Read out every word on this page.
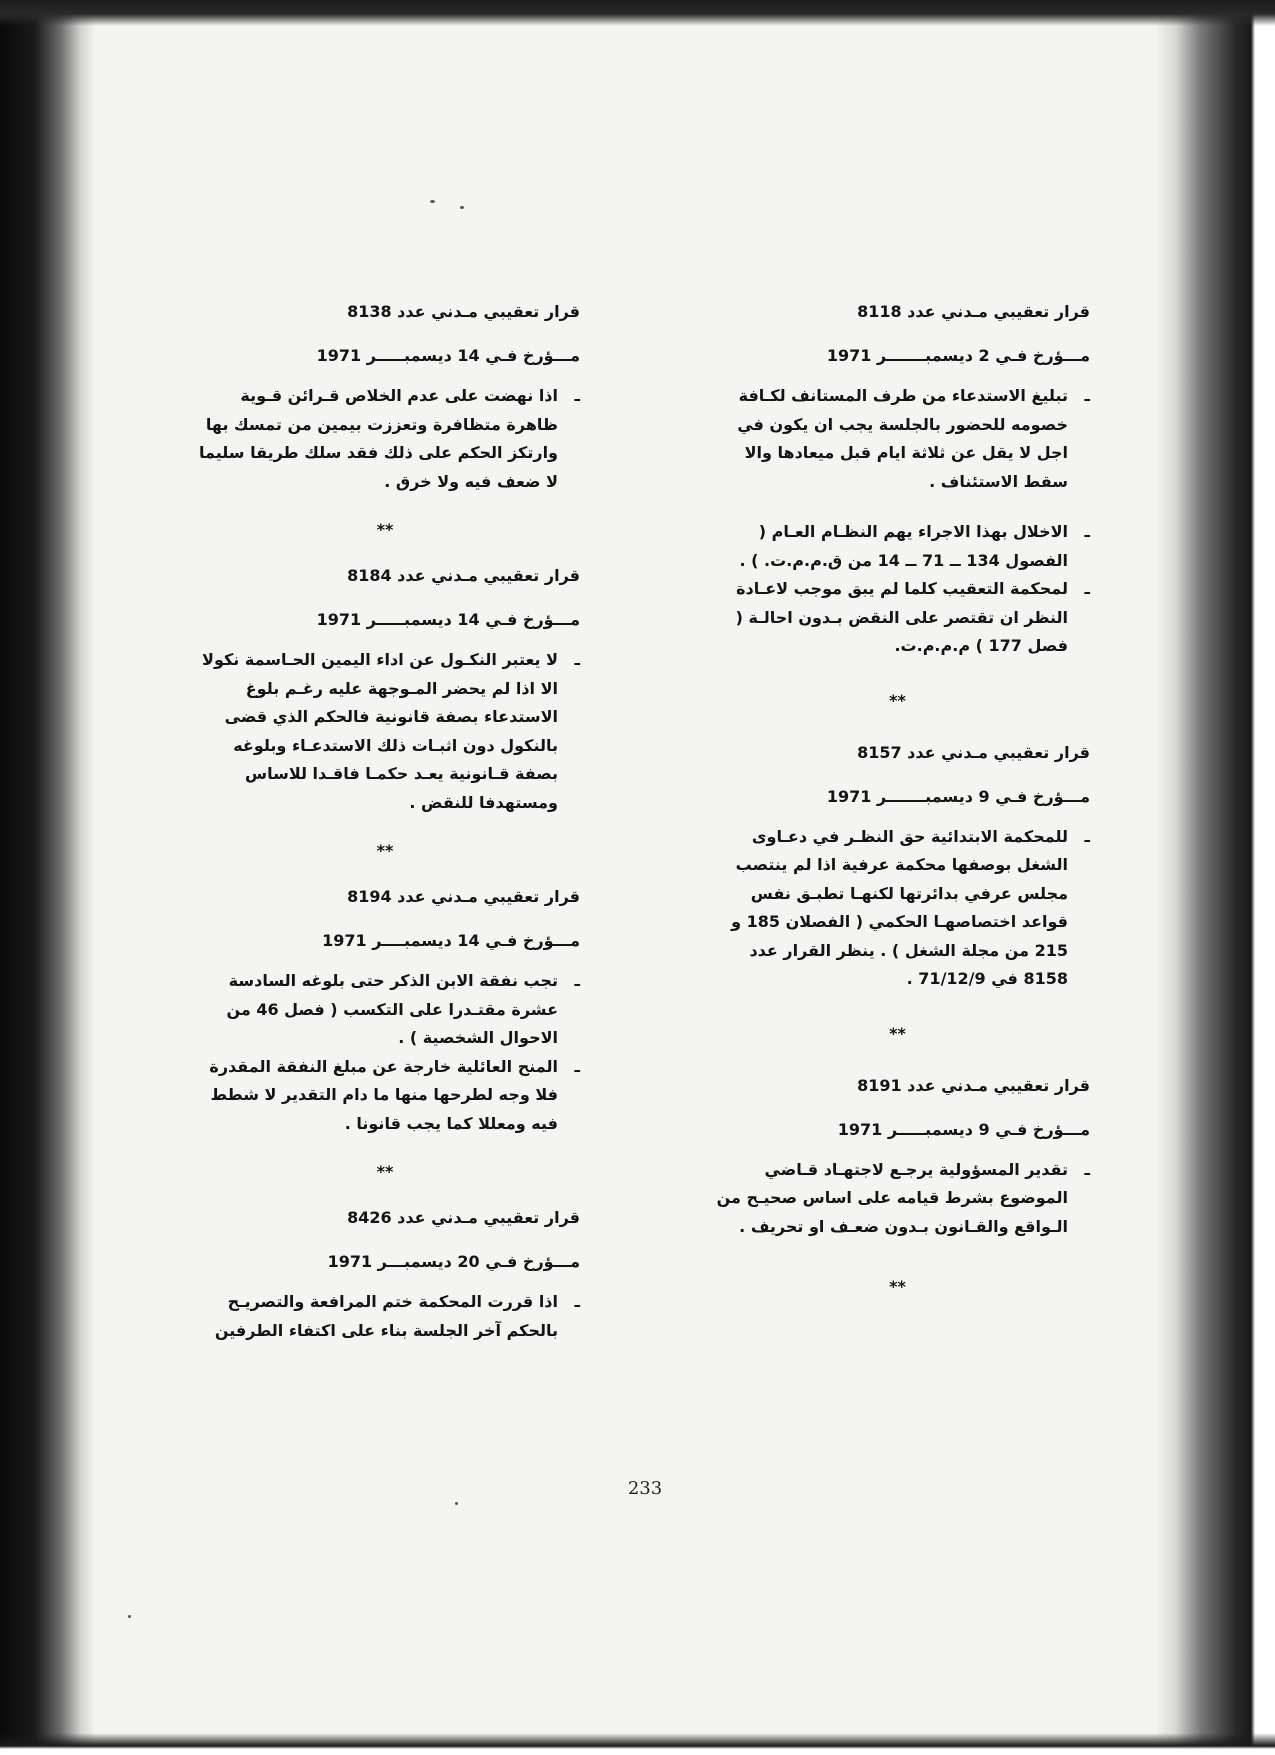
قرار تعقيبي مـدني عدد 8118
مـــؤرخ فـي 2 ديسمبـــــــر 1971
ـ
تبليغ الاستدعاء من طرف المستانف لكـافة خصومه للحضور بالجلسة يجب ان يكون في اجل لا يقل عن ثلاثة ايام قبل ميعادها والا سقط الاستئناف .
ـ
الاخلال بهذا الاجراء يهم النظـام العـام ( الفصول 134 ــ 71 ــ 14 من ق.م.م.ت. ) .
ـ
لمحكمة التعقيب كلما لم يبق موجب لاعـادة النظر ان تقتصر على النقض بـدون احالـة ( فصل 177 ) م.م.م.ت.
**
قرار تعقيبي مـدني عدد 8157
مـــؤرخ فـي 9 ديسمبـــــــر 1971
ـ
للمحكمة الابتدائية حق النظـر في دعـاوى الشغل بوصفها محكمة عرفية اذا لم ينتصب مجلس عرفي بدائرتها لكنهـا تطبـق نفس قواعد اختصاصهـا الحكمي ( الفصلان 185 و 215 من مجلة الشغل ) . ينظر القرار عدد 8158 في 71/12/9 .
**
قرار تعقيبي مـدني عدد 8191
مـــؤرخ فـي 9 ديسمبـــــر 1971
ـ
تقدير المسؤولية يرجـع لاجتهـاد قـاضي الموضوع بشرط قيامه على اساس صحيـح من الـواقع والقـانون بـدون ضعـف او تحريف .
**
قرار تعقيبي مـدني عدد 8138
مـــؤرخ فـي 14 ديسمبـــــر 1971
ـ
اذا نهضت على عدم الخلاص قـرائن قـوية ظاهرة متظافرة وتعززت بيمين من تمسك بها وارتكز الحكم على ذلك فقد سلك طريقا سليما لا ضعف فيه ولا خرق .
**
قرار تعقيبي مـدني عدد 8184
مـــؤرخ فـي 14 ديسمبـــــر 1971
ـ
لا يعتبر النكـول عن اداء اليمين الحـاسمة نكولا الا اذا لم يحضر المـوجهة عليه رغـم بلوغ الاستدعاء بصفة قانونية فالحكم الذي قضى بالنكول دون اثبـات ذلك الاستدعـاء وبلوغه بصفة قـانونية يعـد حكمـا فاقـدا للاساس ومستهدفا للنقض .
**
قرار تعقيبي مـدني عدد 8194
مـــؤرخ فـي 14 ديسمبــــر 1971
ـ
تجب نفقة الابن الذكر حتى بلوغه السادسة عشرة مقتـدرا على التكسب ( فصل 46 من الاحوال الشخصية ) .
ـ
المنح العائلية خارجة عن مبلغ النفقة المقدرة فلا وجه لطرحها منها ما دام التقدير لا شطط فيه ومعللا كما يجب قانونا .
**
قرار تعقيبي مـدني عدد 8426
مـــؤرخ فـي 20 ديسمبـــر 1971
ـ
اذا قررت المحكمة ختم المرافعة والتصريـح بالحكم آخر الجلسة بناء على اكتفاء الطرفين
233
